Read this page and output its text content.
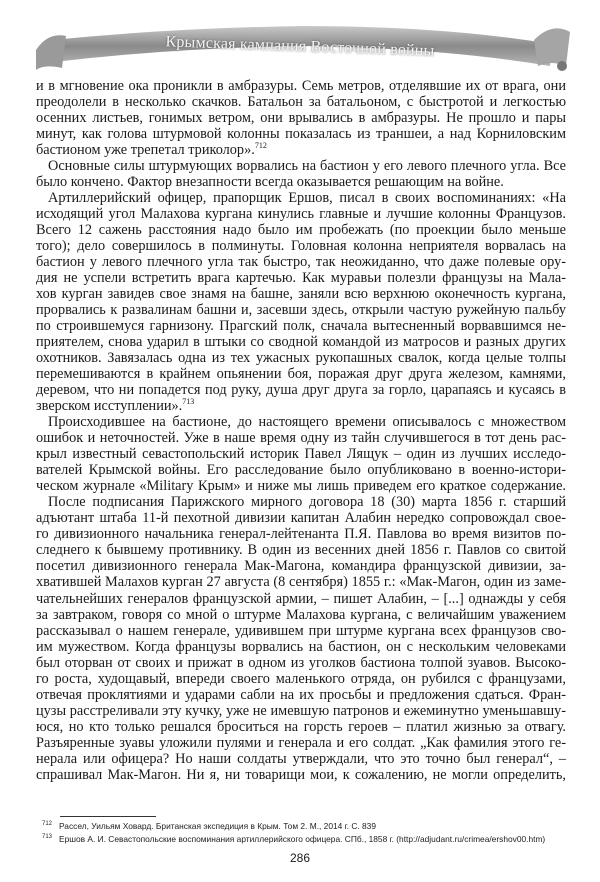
Крымская кампания Восточной войны
и в мгновение ока проникли в амбразуры. Семь метров, отделявшие их от врага, они
преодолели в несколько скачков. Батальон за батальоном, с быстротой и легкостью
осенних листьев, гонимых ветром, они врывались в амбразуры. Не прошло и пары
минут, как голова штурмовой колонны показалась из траншеи, а над Корниловским
бастионом уже трепетал триколор».$^{712}$
Основные силы штурмующих ворвались на бастион у его левого плечного угла. Все
было кончено. Фактор внезапности всегда оказывается решающим на войне.
Артиллерийский офицер, прапорщик Ершов, писал в своих воспоминаниях: «На
исходящий угол Малахова кургана кинулись главные и лучшие колонны Французов.
Всего 12 сажень расстояния надо было им пробежать (по проекции было меньше
того); дело совершилось в полминуты. Головная колонна неприятеля ворвалась на
бастион у левого плечного угла так быстро, так неожиданно, что даже полевые ору-
дия не успели встретить врага картечью. Как муравьи полезли французы на Мала-
хов курган завидев свое знамя на башне, заняли всю верхнюю оконечность кургана,
прорвались к развалинам башни и, засевши здесь, открыли частую ружейную пальбу
по строившемуся гарнизону. Прагский полк, сначала вытесненный ворвавшимся не-
приятелем, снова ударил в штыки со сводной командой из матросов и разных других
охотников. Завязалась одна из тех ужасных рукопашных свалок, когда целые толпы
перемешиваются в крайнем опьянении боя, поражая друг друга железом, камнями,
деревом, что ни попадется под руку, душа друг друга за горло, царапаясь и кусаясь в
зверском исступлении».$^{713}$
Происходившее на бастионе, до настоящего времени описывалось с множеством
ошибок и неточностей. Уже в наше время одну из тайн случившегося в тот день рас-
крыл известный севастопольский историк Павел Лящук – один из лучших исследо-
вателей Крымской войны. Его расследование было опубликовано в военно-истори-
ческом журнале «Military Крым» и ниже мы лишь приведем его краткое содержание.
После подписания Парижского мирного договора 18 (30) марта 1856 г. старший
адъютант штаба 11-й пехотной дивизии капитан Алабин нередко сопровождал свое-
го дивизионного начальника генерал-лейтенанта П.Я. Павлова во время визитов по-
следнего к бывшему противнику. В один из весенних дней 1856 г. Павлов со свитой
посетил дивизионного генерала Мак-Магона, командира французской дивизии, за-
хватившей Малахов курган 27 августа (8 сентября) 1855 г.: «Мак-Магон, один из заме-
чательнейших генералов французской армии, – пишет Алабин, – [...] однажды у себя
за завтраком, говоря со мной о штурме Малахова кургана, с величайшим уважением
рассказывал о нашем генерале, удивившем при штурме кургана всех французов сво-
им мужеством. Когда французы ворвались на бастион, он с нескольким человеками
был оторван от своих и прижат в одном из уголков бастиона толпой зуавов. Высоко-
го роста, худощавый, впереди своего маленького отряда, он рубился с французами,
отвечая проклятиями и ударами сабли на их просьбы и предложения сдаться. Фран-
цузы расстреливали эту кучку, уже не имевшую патронов и ежеминутно уменьшавшу-
юся, но кто только решался броситься на горсть героев – платил жизнью за отвагу.
Разъяренные зуавы уложили пулями и генерала и его солдат. „Как фамилия этого ге-
нерала или офицера? Но наши солдаты утверждали, что это точно был генерал“, –
спрашивал Мак-Магон. Ни я, ни товарищи мои, к сожалению, не могли определить,
712 Рассел, Уильям Ховард. Британская экспедиция в Крым. Том 2. М., 2014 г. С. 839
713 Ершов А. И. Севастопольские воспоминания артиллерийского офицера. СПб., 1858 г. (http://adjudant.ru/crimea/ershov00.htm)
286
